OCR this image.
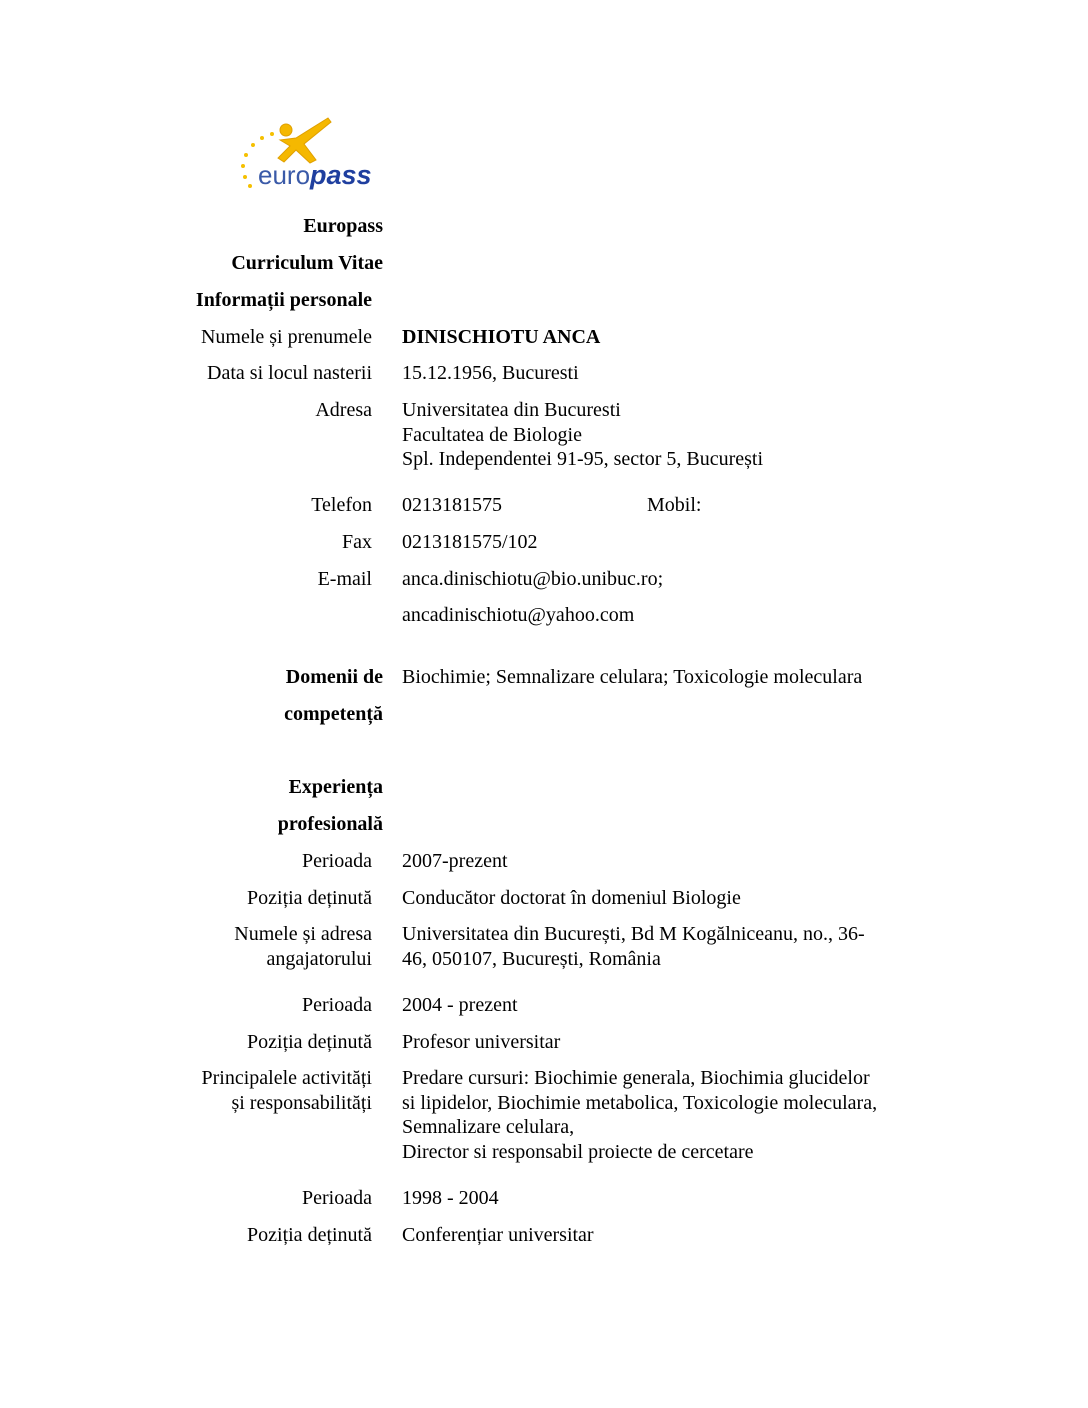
euro pass
Europass
Curriculum Vitae
Informații personale
Numele și prenumele DINISCHIOTU ANCA
Data si locul nasterii 15.12.1956, Bucuresti
Adresa Universitatea din Bucuresti
Facultatea de Biologie
Spl. Independentei 91-95, sector 5, București
Telefon 0213181575	Mobil:
Fax 0213181575/102
E-mail anca.dinischiotu@bio.unibuc.ro;
ancadinischiotu@yahoo.com
Domenii de
competență
Biochimie; Semnalizare celulara; Toxicologie moleculara
Experiența
profesională
Perioada 2007-prezent
Poziția deținută Conducător doctorat în domeniul Biologie
Numele și adresa
angajatorului
Universitatea din București, Bd M Kogălniceanu, no., 36-
46, 050107, București, România
Perioada 2004 - prezent
Poziția deținută Profesor universitar
Principalele activități
și responsabilități
Predare cursuri: Biochimie generala, Biochimia glucidelor
si lipidelor, Biochimie metabolica, Toxicologie moleculara,
Semnalizare celulara,
Director si responsabil proiecte de cercetare
Perioada 1998 - 2004
Poziția deținută Conferențiar universitar
